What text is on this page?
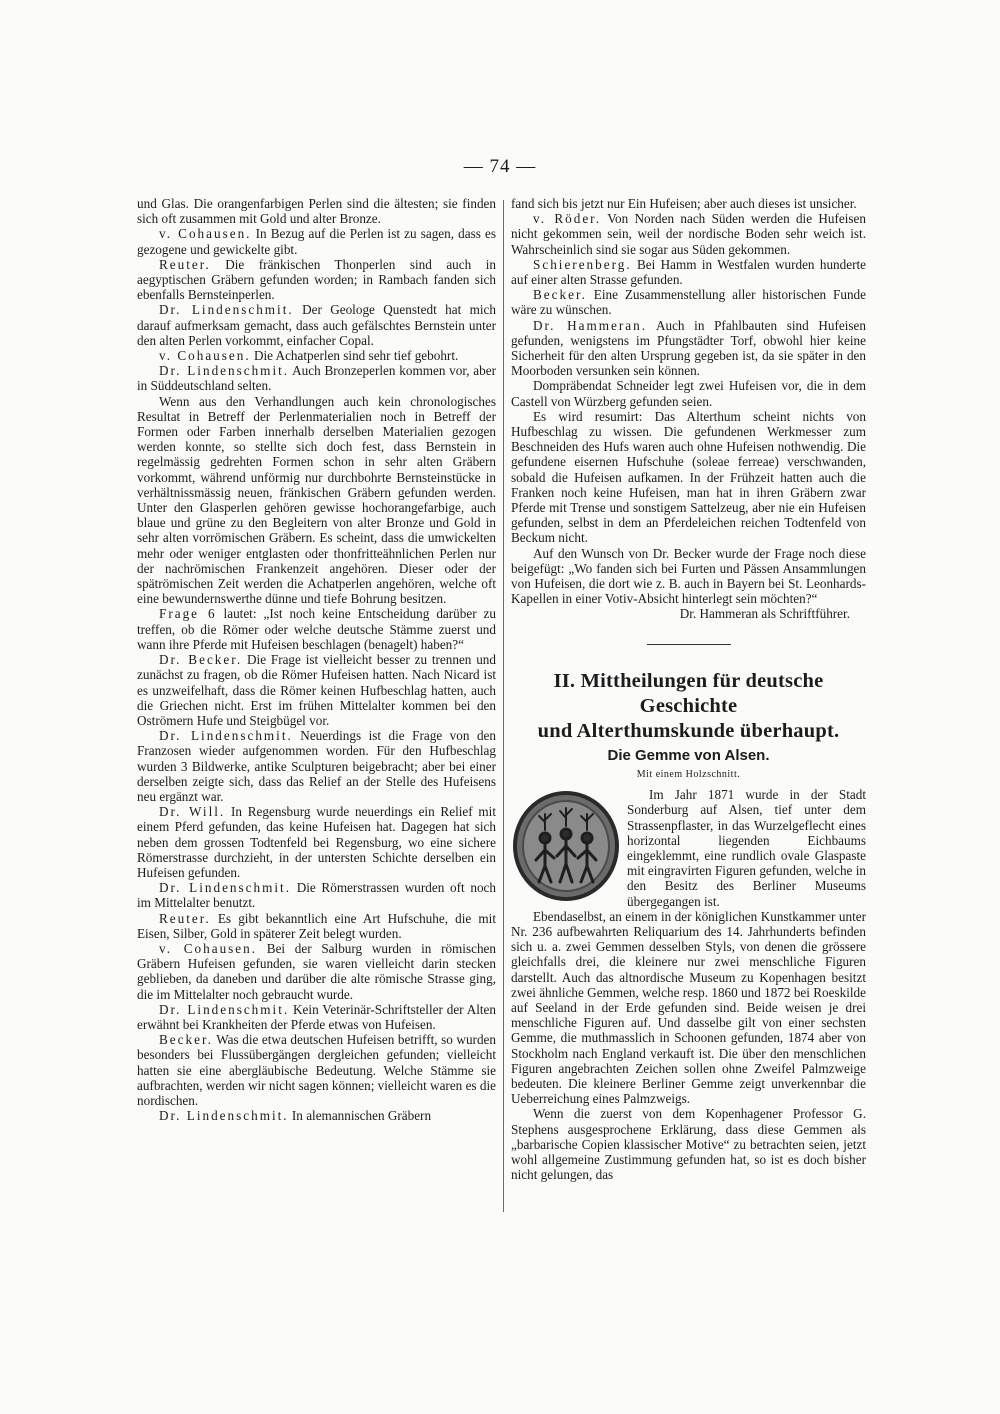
— 74 —

und Glas. Die orangenfarbigen Perlen sind die ältesten; sie finden sich oft zusammen mit Gold und alter Bronze.

v. Cohausen. In Bezug auf die Perlen ist zu sagen, dass es gezogene und gewickelte gibt.

Reuter. Die fränkischen Thonperlen sind auch in aegyptischen Gräbern gefunden worden; in Rambach fanden sich ebenfalls Bernsteinperlen.

Dr. Lindenschmit. Der Geologe Quenstedt hat mich darauf aufmerksam gemacht, dass auch gefälschtes Bernstein unter den alten Perlen vorkommt, einfacher Copal.

v. Cohausen. Die Achatperlen sind sehr tief gebohrt.

Dr. Lindenschmit. Auch Bronzeperlen kommen vor, aber in Süddeutschland selten.

Wenn aus den Verhandlungen auch kein chronologisches Resultat in Betreff der Perlenmaterialien noch in Betreff der Formen oder Farben innerhalb derselben Materialien gezogen werden konnte, so stellte sich doch fest, dass Bernstein in regelmässig gedrehten Formen schon in sehr alten Gräbern vorkommt, während unförmig nur durchbohrte Bernsteinstücke in verhältnissmässig neuen, fränkischen Gräbern gefunden werden. Unter den Glasperlen gehören gewisse hochorangefarbige, auch blaue und grüne zu den Begleitern von alter Bronze und Gold in sehr alten vorrömischen Gräbern. Es scheint, dass die umwickelten mehr oder weniger entglasten oder thonfritteähnlichen Perlen nur der nachrömischen Frankenzeit angehören. Dieser oder der spätrömischen Zeit werden die Achatperlen angehören, welche oft eine bewundernswerthe dünne und tiefe Bohrung besitzen.

Frage 6 lautet: „Ist noch keine Entscheidung darüber zu treffen, ob die Römer oder welche deutsche Stämme zuerst und wann ihre Pferde mit Hufeisen beschlagen (benagelt) haben?“

Dr. Becker. Die Frage ist vielleicht besser zu trennen und zunächst zu fragen, ob die Römer Hufeisen hatten. Nach Nicard ist es unzweifelhaft, dass die Römer keinen Hufbeschlag hatten, auch die Griechen nicht. Erst im frühen Mittelalter kommen bei den Oströmern Hufe und Steigbügel vor.

Dr. Lindenschmit. Neuerdings ist die Frage von den Franzosen wieder aufgenommen worden. Für den Hufbeschlag wurden 3 Bildwerke, antike Sculpturen beigebracht; aber bei einer derselben zeigte sich, dass das Relief an der Stelle des Hufeisens neu ergänzt war.

Dr. Will. In Regensburg wurde neuerdings ein Relief mit einem Pferd gefunden, das keine Hufeisen hat. Dagegen hat sich neben dem grossen Todtenfeld bei Regensburg, wo eine sichere Römerstrasse durchzieht, in der untersten Schichte derselben ein Hufeisen gefunden.

Dr. Lindenschmit. Die Römerstrassen wurden oft noch im Mittelalter benutzt.

Reuter. Es gibt bekanntlich eine Art Hufschuhe, die mit Eisen, Silber, Gold in späterer Zeit belegt wurden.

v. Cohausen. Bei der Salburg wurden in römischen Gräbern Hufeisen gefunden, sie waren vielleicht darin stecken geblieben, da daneben und darüber die alte römische Strasse ging, die im Mittelalter noch gebraucht wurde.

Dr. Lindenschmit. Kein Veterinär-Schriftsteller der Alten erwähnt bei Krankheiten der Pferde etwas von Hufeisen.

Becker. Was die etwa deutschen Hufeisen betrifft, so wurden besonders bei Flussübergängen dergleichen gefunden; vielleicht hatten sie eine abergläubische Bedeutung. Welche Stämme sie aufbrachten, werden wir nicht sagen können; vielleicht waren es die nordischen.

Dr. Lindenschmit. In alemannischen Gräbern

fand sich bis jetzt nur Ein Hufeisen; aber auch dieses ist unsicher.

v. Röder. Von Norden nach Süden werden die Hufeisen nicht gekommen sein, weil der nordische Boden sehr weich ist. Wahrscheinlich sind sie sogar aus Süden gekommen.

Schierenberg. Bei Hamm in Westfalen wurden hunderte auf einer alten Strasse gefunden.

Becker. Eine Zusammenstellung aller historischen Funde wäre zu wünschen.

Dr. Hammeran. Auch in Pfahlbauten sind Hufeisen gefunden, wenigstens im Pfungstädter Torf, obwohl hier keine Sicherheit für den alten Ursprung gegeben ist, da sie später in den Moorboden versunken sein können.

Dompräbendat Schneider legt zwei Hufeisen vor, die in dem Castell von Würzberg gefunden seien.

Es wird resumirt: Das Alterthum scheint nichts von Hufbeschlag zu wissen. Die gefundenen Werkmesser zum Beschneiden des Hufs waren auch ohne Hufeisen nothwendig. Die gefundene eisernen Hufschuhe (soleae ferreae) verschwanden, sobald die Hufeisen aufkamen. In der Frühzeit hatten auch die Franken noch keine Hufeisen, man hat in ihren Gräbern zwar Pferde mit Trense und sonstigem Sattelzeug, aber nie ein Hufeisen gefunden, selbst in dem an Pferdeleichen reichen Todtenfeld von Beckum nicht.

Auf den Wunsch von Dr. Becker wurde der Frage noch diese beigefügt: „Wo fanden sich bei Furten und Pässen Ansammlungen von Hufeisen, die dort wie z. B. auch in Bayern bei St. Leonhards-Kapellen in einer Votiv-Absicht hinterlegt sein möchten?“

Dr. Hammeran als Schriftführer.

II. Mittheilungen für deutsche Geschichte
und Alterthumskunde überhaupt.

Die Gemme von Alsen.

Mit einem Holzschnitt.

Im Jahr 1871 wurde in der Stadt Sonderburg auf Alsen, tief unter dem Strassenpflaster, in das Wurzelgeflecht eines horizontal liegenden Eichbaums eingeklemmt, eine rundlich ovale Glaspaste mit eingravirten Figuren gefunden, welche in den Besitz des Berliner Museums übergegangen ist.

Ebendaselbst, an einem in der königlichen Kunstkammer unter Nr. 236 aufbewahrten Reliquarium des 14. Jahrhunderts befinden sich u. a. zwei Gemmen desselben Styls, von denen die grössere gleichfalls drei, die kleinere nur zwei menschliche Figuren darstellt. Auch das altnordische Museum zu Kopenhagen besitzt zwei ähnliche Gemmen, welche resp. 1860 und 1872 bei Roeskilde auf Seeland in der Erde gefunden sind. Beide weisen je drei menschliche Figuren auf. Und dasselbe gilt von einer sechsten Gemme, die muthmasslich in Schoonen gefunden, 1874 aber von Stockholm nach England verkauft ist. Die über den menschlichen Figuren angebrachten Zeichen sollen ohne Zweifel Palmzweige bedeuten. Die kleinere Berliner Gemme zeigt unverkennbar die Ueberreichung eines Palmzweigs.

Wenn die zuerst von dem Kopenhagener Professor G. Stephens ausgesprochene Erklärung, dass diese Gemmen als „barbarische Copien klassischer Motive“ zu betrachten seien, jetzt wohl allgemeine Zustimmung gefunden hat, so ist es doch bisher nicht gelungen, das
